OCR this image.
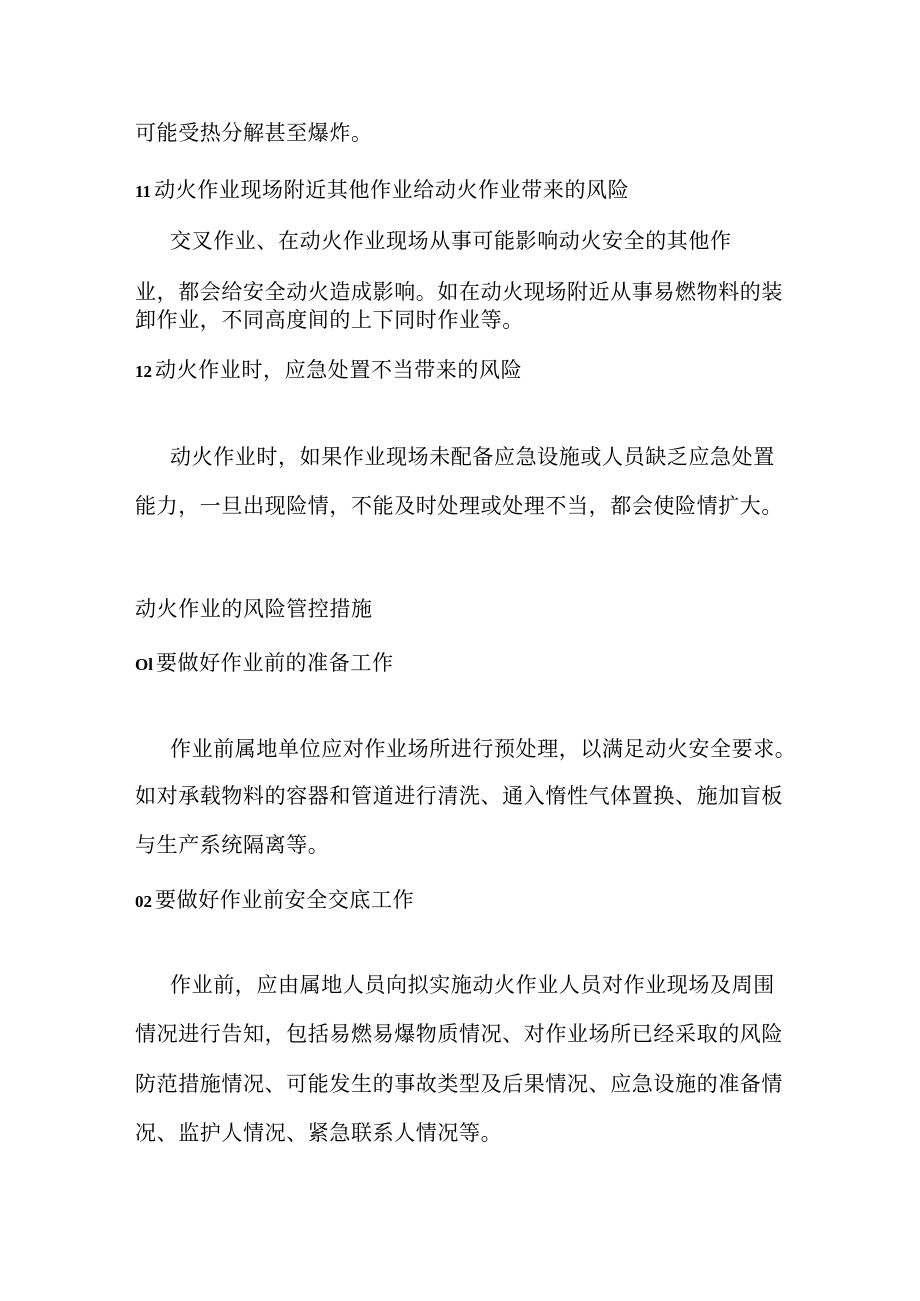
可能受热分解甚至爆炸。

11 动火作业现场附近其他作业给动火作业带来的风险

交叉作业、在动火作业现场从事可能影响动火安全的其他作

业，都会给安全动火造成影响。如在动火现场附近从事易燃物料的装

卸作业，不同高度间的上下同时作业等。

12 动火作业时，应急处置不当带来的风险

动火作业时，如果作业现场未配备应急设施或人员缺乏应急处置

能力，一旦出现险情，不能及时处理或处理不当，都会使险情扩大。

动火作业的风险管控措施

Ol 要做好作业前的准备工作

作业前属地单位应对作业场所进行预处理，以满足动火安全要求。

如对承载物料的容器和管道进行清洗、通入惰性气体置换、施加盲板

与生产系统隔离等。

02 要做好作业前安全交底工作

作业前，应由属地人员向拟实施动火作业人员对作业现场及周围

情况进行告知，包括易燃易爆物质情况、对作业场所已经采取的风险

防范措施情况、可能发生的事故类型及后果情况、应急设施的准备情

况、监护人情况、紧急联系人情况等。
